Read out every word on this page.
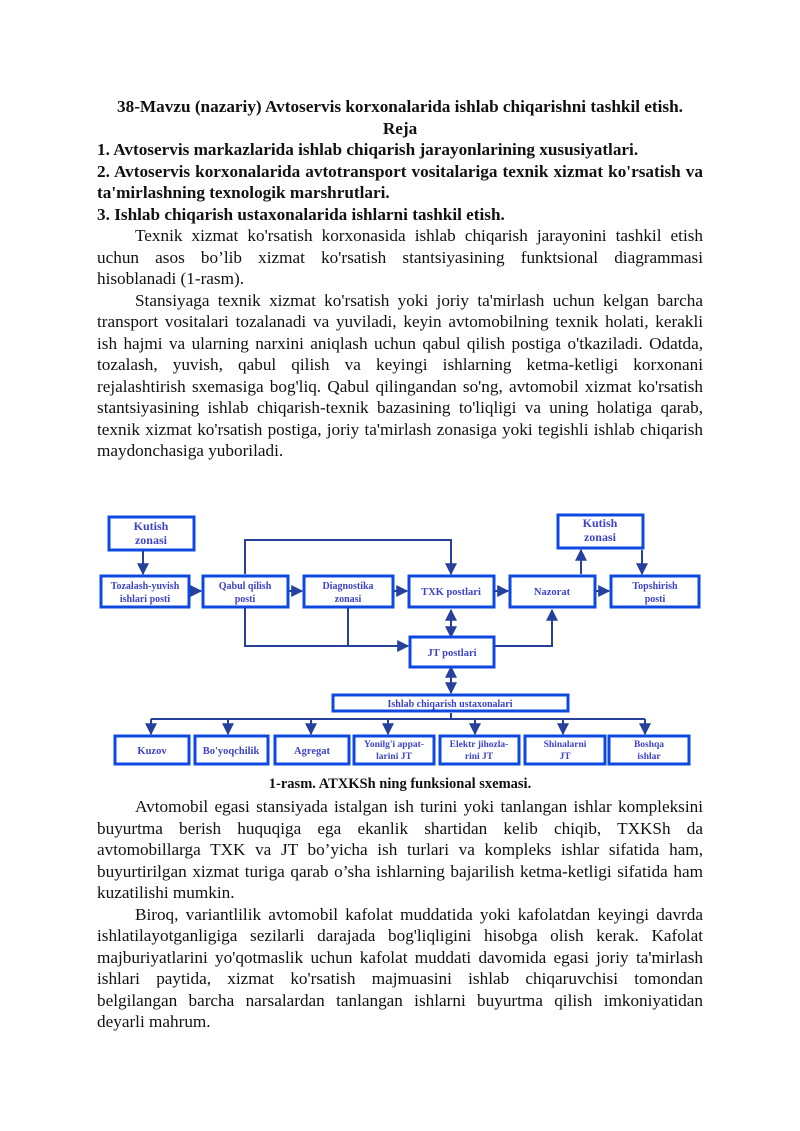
38-Mavzu (nazariy) Avtoservis korxonalarida ishlab chiqarishni tashkil etish.

Reja

1. Avtoservis markazlarida ishlab chiqarish jarayonlarining xususiyatlari.

2. Avtoservis korxonalarida avtotransport vositalariga texnik xizmat ko'rsatish va ta'mirlashning texnologik marshrutlari.

3. Ishlab chiqarish ustaxonalarida ishlarni tashkil etish.

Texnik xizmat ko'rsatish korxonasida ishlab chiqarish jarayonini tashkil etish uchun asos bo’lib xizmat ko'rsatish stantsiyasining funktsional diagrammasi hisoblanadi (1-rasm).

Stansiyaga texnik xizmat ko'rsatish yoki joriy ta'mirlash uchun kelgan barcha transport vositalari tozalanadi va yuviladi, keyin avtomobilning texnik holati, kerakli ish hajmi va ularning narxini aniqlash uchun qabul qilish postiga o'tkaziladi. Odatda, tozalash, yuvish, qabul qilish va keyingi ishlarning ketma-ketligi korxonani rejalashtirish sxemasiga bog'liq. Qabul qilingandan so'ng, avtomobil xizmat ko'rsatish stantsiyasining ishlab chiqarish-texnik bazasining to'liqligi va uning holatiga qarab, texnik xizmat ko'rsatish postiga, joriy ta'mirlash zonasiga yoki tegishli ishlab chiqarish maydonchasiga yuboriladi.

Kutish
zonasi
Tozalash-yuvish
ishlari posti
Qabul qilish
posti
Diagnostika
zonasi
TXK postlari	Nazorat
Topshirish
posti
Kutish
zonasi
JT postlari
Ishlab chiqarish ustaxonalari
Kuzov	Bo'yoqchilik	Agregat
Yonilg'i appat-
larini JT
Elektr jihozla-
rini JT
Shinalarni
JT
Boshqa
ishlar
1-rasm. ATXKSh ning funksional sxemasi.

Avtomobil egasi stansiyada istalgan ish turini yoki tanlangan ishlar kompleksini buyurtma berish huquqiga ega ekanlik shartidan kelib chiqib, TXKSh da avtomobillarga TXK va JT bo’yicha ish turlari va kompleks ishlar sifatida ham, buyurtirilgan xizmat turiga qarab o’sha ishlarning bajarilish ketma-ketligi sifatida ham kuzatilishi mumkin.

Biroq, variantlilik avtomobil kafolat muddatida yoki kafolatdan keyingi davrda ishlatilayotganligiga sezilarli darajada bog'liqligini hisobga olish kerak. Kafolat majburiyatlarini yo'qotmaslik uchun kafolat muddati davomida egasi joriy ta'mirlash ishlari paytida, xizmat ko'rsatish majmuasini ishlab chiqaruvchisi tomondan belgilangan barcha narsalardan tanlangan ishlarni buyurtma qilish imkoniyatidan deyarli mahrum.
